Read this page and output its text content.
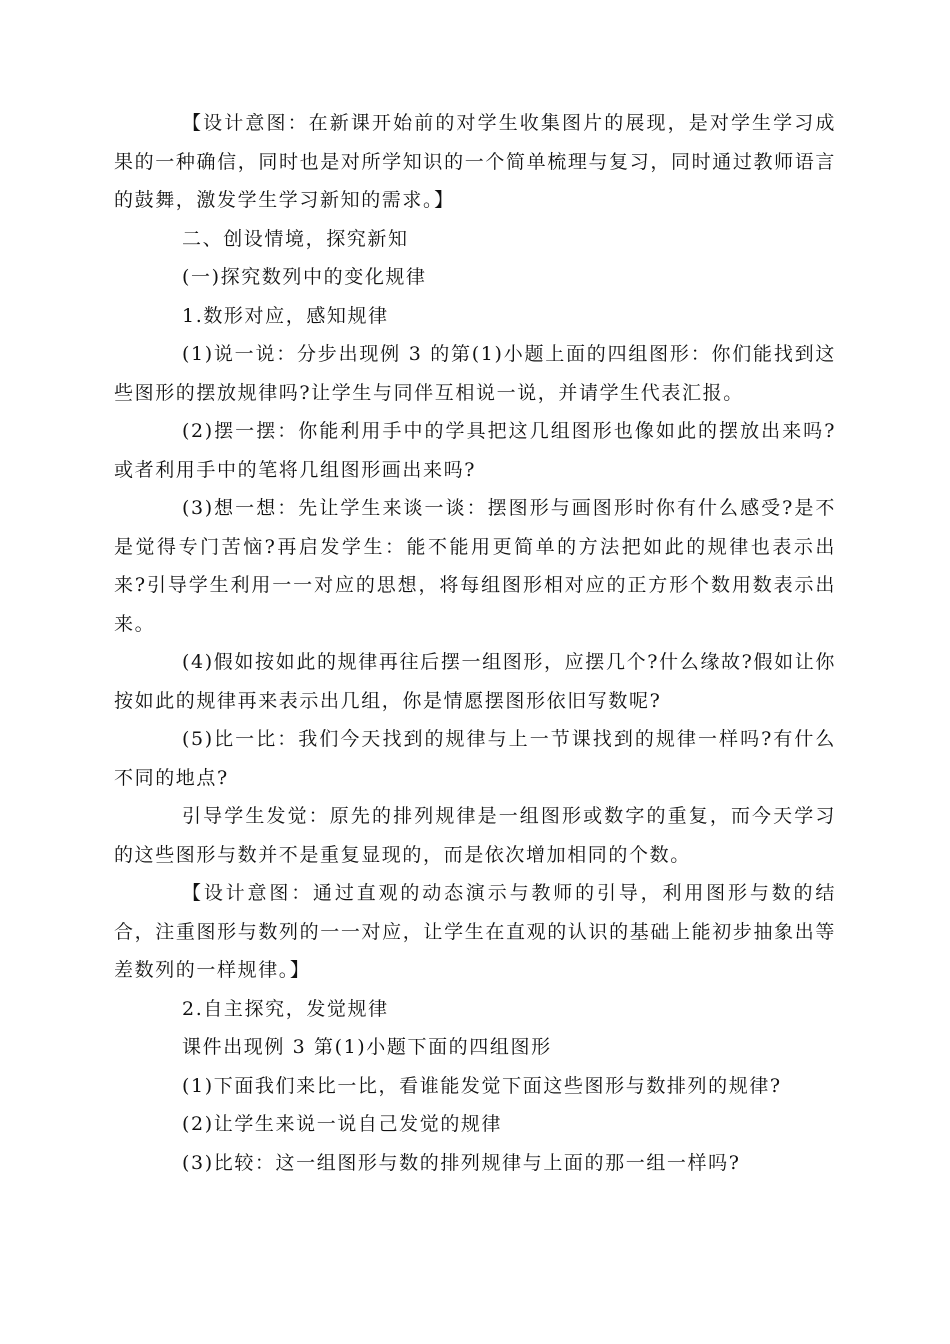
【设计意图：在新课开始前的对学生收集图片的展现，是对学生学习成果的一种确信，同时也是对所学知识的一个简单梳理与复习，同时通过教师语言的鼓舞，激发学生学习新知的需求。】

二、创设情境，探究新知

(一)探究数列中的变化规律

1.数形对应，感知规律

(1)说一说：分步出现例 3 的第(1)小题上面的四组图形：你们能找到这些图形的摆放规律吗?让学生与同伴互相说一说，并请学生代表汇报。

(2)摆一摆：你能利用手中的学具把这几组图形也像如此的摆放出来吗?或者利用手中的笔将几组图形画出来吗?

(3)想一想：先让学生来谈一谈：摆图形与画图形时你有什么感受?是不是觉得专门苦恼?再启发学生：能不能用更简单的方法把如此的规律也表示出来?引导学生利用一一对应的思想，将每组图形相对应的正方形个数用数表示出来。

(4)假如按如此的规律再往后摆一组图形，应摆几个?什么缘故?假如让你按如此的规律再来表示出几组，你是情愿摆图形依旧写数呢?

(5)比一比：我们今天找到的规律与上一节课找到的规律一样吗?有什么不同的地点?

引导学生发觉：原先的排列规律是一组图形或数字的重复，而今天学习的这些图形与数并不是重复显现的，而是依次增加相同的个数。

【设计意图：通过直观的动态演示与教师的引导，利用图形与数的结合，注重图形与数列的一一对应，让学生在直观的认识的基础上能初步抽象出等差数列的一样规律。】

2.自主探究，发觉规律

课件出现例 3 第(1)小题下面的四组图形

(1)下面我们来比一比，看谁能发觉下面这些图形与数排列的规律?

(2)让学生来说一说自己发觉的规律

(3)比较：这一组图形与数的排列规律与上面的那一组一样吗?
